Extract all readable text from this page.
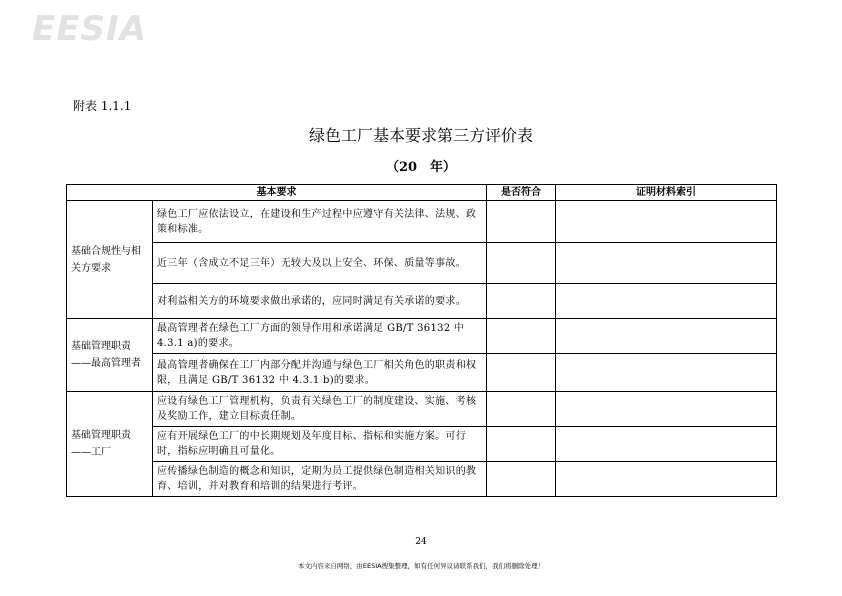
EESIA
附表 1.1.1
绿色工厂基本要求第三方评价表
（20　年）
基本要求		是否符合	证明材料索引
基础合规性与相关方要求	绿色工厂应依法设立，在建设和生产过程中应遵守有关法律、法规、政策和标准。		
	近三年（含成立不足三年）无较大及以上安全、环保、质量等事故。		
	对利益相关方的环境要求做出承诺的，应同时满足有关承诺的要求。		
基础管理职责——最高管理者	最高管理者在绿色工厂方面的领导作用和承诺满足 GB/T 36132 中 4.3.1 a)的要求。		
	最高管理者确保在工厂内部分配并沟通与绿色工厂相关角色的职责和权限，且满足 GB/T 36132 中 4.3.1 b)的要求。		
基础管理职责——工厂	应设有绿色工厂管理机构，负责有关绿色工厂的制度建设、实施、考核及奖励工作，建立目标责任制。		
	应有开展绿色工厂的中长期规划及年度目标、指标和实施方案。可行时，指标应明确且可量化。		
	应传播绿色制造的概念和知识，定期为员工提供绿色制造相关知识的教育、培训，并对教育和培训的结果进行考评。		
24
本文内容来自网络，由EESIA搜集整理，如有任何异议请联系我们，我们将删除处理！
